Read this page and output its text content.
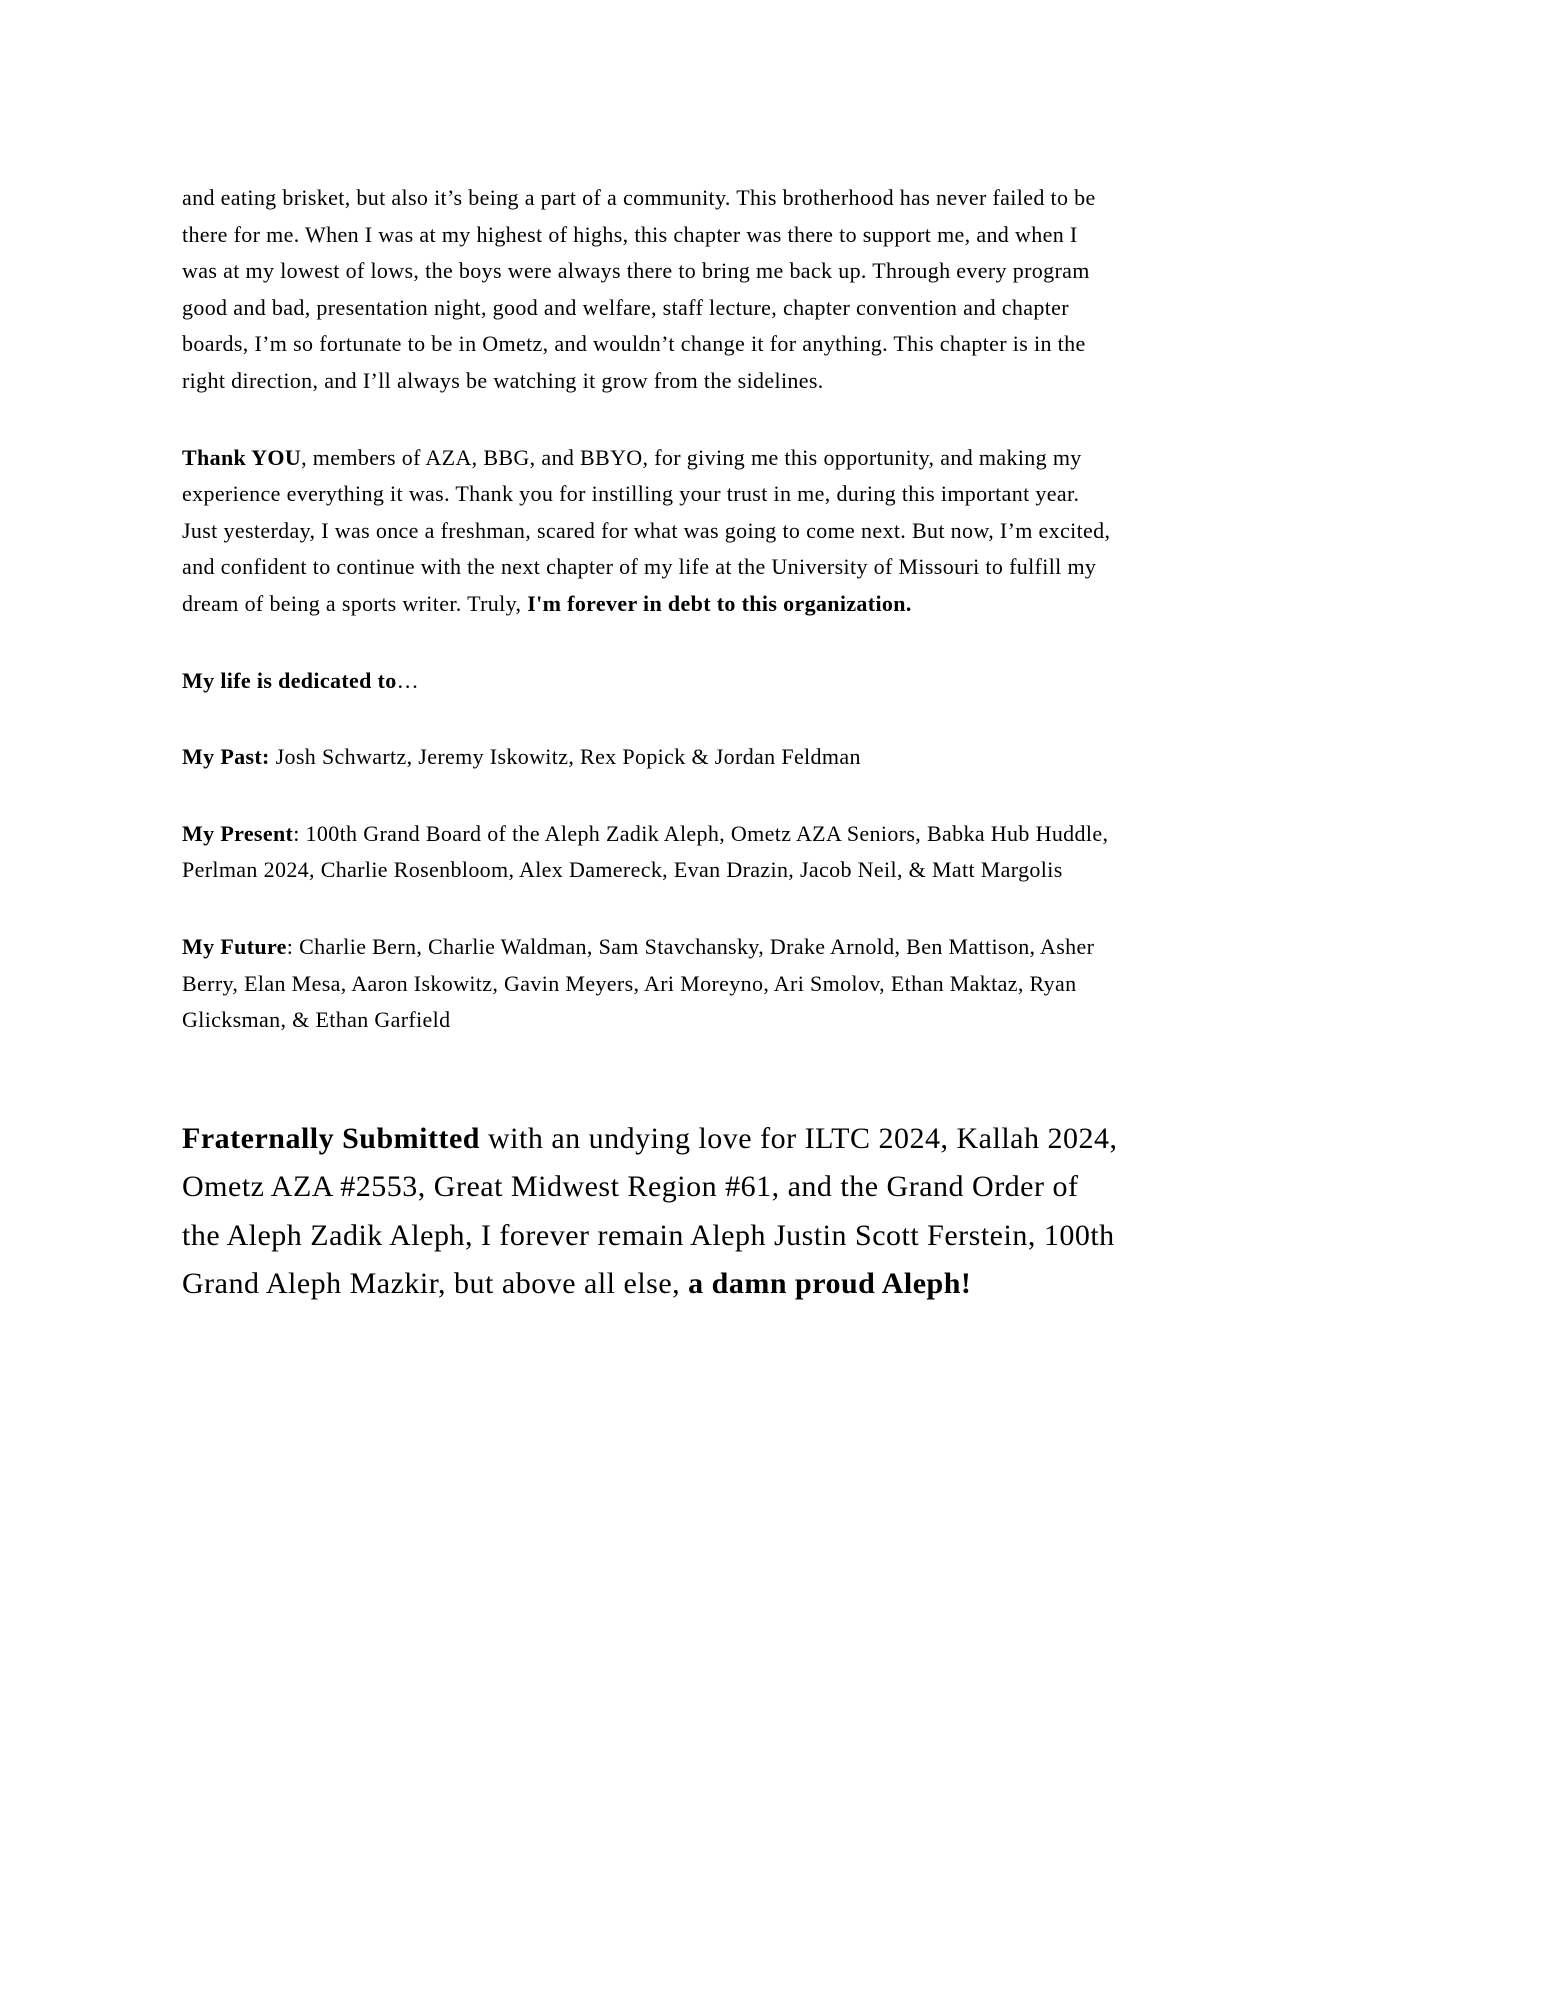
and eating brisket, but also it’s being a part of a community. This brotherhood has never failed to be
there for me. When I was at my highest of highs, this chapter was there to support me, and when I
was at my lowest of lows, the boys were always there to bring me back up. Through every program
good and bad, presentation night, good and welfare, staff lecture, chapter convention and chapter
boards, I’m so fortunate to be in Ometz, and wouldn’t change it for anything. This chapter is in the
right direction, and I’ll always be watching it grow from the sidelines.

Thank YOU, members of AZA, BBG, and BBYO, for giving me this opportunity, and making my
experience everything it was. Thank you for instilling your trust in me, during this important year.
Just yesterday, I was once a freshman, scared for what was going to come next. But now, I’m excited,
and confident to continue with the next chapter of my life at the University of Missouri to fulfill my
dream of being a sports writer. Truly, I'm forever in debt to this organization.

My life is dedicated to…

My Past: Josh Schwartz, Jeremy Iskowitz, Rex Popick & Jordan Feldman

My Present: 100th Grand Board of the Aleph Zadik Aleph, Ometz AZA Seniors, Babka Hub Huddle,
Perlman 2024, Charlie Rosenbloom, Alex Damereck, Evan Drazin, Jacob Neil, & Matt Margolis

My Future: Charlie Bern, Charlie Waldman, Sam Stavchansky, Drake Arnold, Ben Mattison, Asher
Berry, Elan Mesa, Aaron Iskowitz, Gavin Meyers, Ari Moreyno, Ari Smolov, Ethan Maktaz, Ryan
Glicksman, & Ethan Garfield

Fraternally Submitted with an undying love for ILTC 2024, Kallah 2024,
Ometz AZA #2553, Great Midwest Region #61, and the Grand Order of
the Aleph Zadik Aleph, I forever remain Aleph Justin Scott Ferstein, 100th
Grand Aleph Mazkir, but above all else, a damn proud Aleph!
